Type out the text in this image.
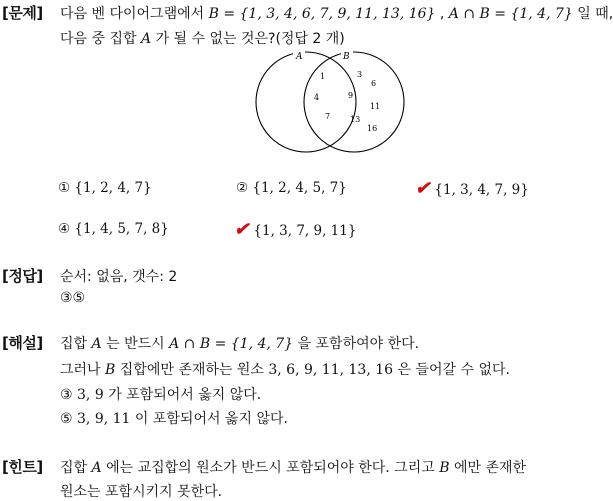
[문제] 다음 벤 다이어그램에서 B = {1, 3, 4, 6, 7, 9, 11, 13, 16} , A ∩ B = {1, 4, 7} 일 때,
다음 중 집합 A 가 될 수 없는 것은?(정답 2 개)
A	B
1
4
7
3
6
9
11
13
16
① {1, 2, 4, 7}	② {1, 2, 4, 5, 7}	✔ {1, 3, 4, 7, 9}
④ {1, 4, 5, 7, 8}	✔ {1, 3, 7, 9, 11}
[정답] 순서: 없음, 갯수: 2
③⑤
[해설] 집합 A 는 반드시 A ∩ B = {1, 4, 7} 을 포함하여야 한다.
그러나 B 집합에만 존재하는 원소 3, 6, 9, 11, 13, 16 은 들어갈 수 없다.
③ 3, 9 가 포함되어서 옳지 않다.
⑤ 3, 9, 11 이 포함되어서 옳지 않다.
[힌트] 집합 A 에는 교집합의 원소가 반드시 포함되어야 한다. 그리고 B 에만 존재한
원소는 포함시키지 못한다.
